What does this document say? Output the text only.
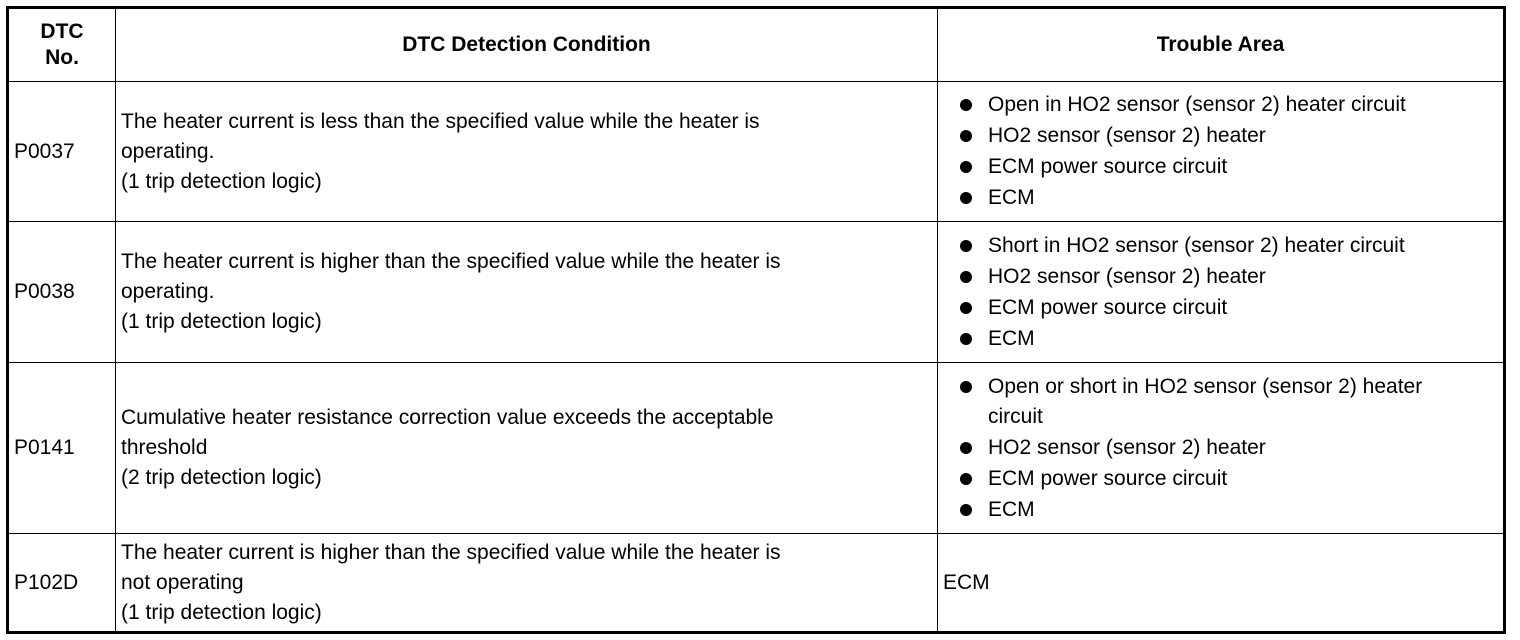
DTC
No.
DTC Detection Condition	Trouble Area
P0037
The heater current is less than the specified value while the heater is
operating.
(1 trip detection logic)
Open in HO2 sensor (sensor 2) heater circuit
HO2 sensor (sensor 2) heater
ECM power source circuit
ECM
P0038
The heater current is higher than the specified value while the heater is
operating.
(1 trip detection logic)
Short in HO2 sensor (sensor 2) heater circuit
HO2 sensor (sensor 2) heater
ECM power source circuit
ECM
P0141
Cumulative heater resistance correction value exceeds the acceptable
threshold
(2 trip detection logic)
Open or short in HO2 sensor (sensor 2) heater circuit
HO2 sensor (sensor 2) heater
ECM power source circuit
ECM
P102D
The heater current is higher than the specified value while the heater is
not operating
(1 trip detection logic)
ECM
